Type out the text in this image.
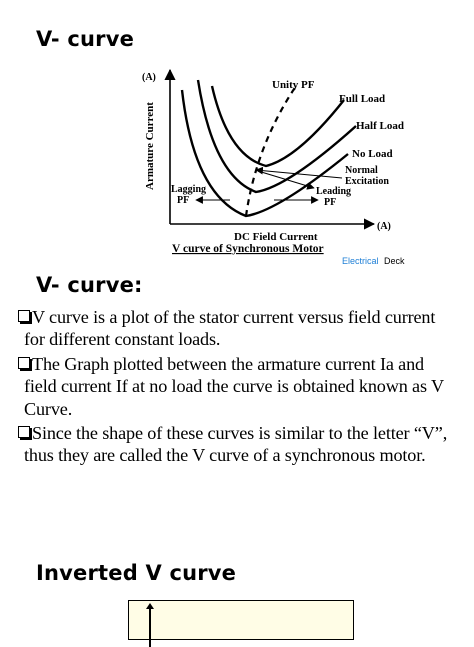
V- curve
(A)
Armature Current
(A)
DC Field Current
V curve of Synchronous Motor
Unity PF
Full Load
Half Load
No Load
Normal
Excitation
Lagging
PF
Leading
PF
Electrical Deck
V- curve:
V curve is a plot of the stator current versus field current for different constant loads.
The Graph plotted between the armature current Ia and field current If at no load the curve is obtained known as V Curve.
Since the shape of these curves is similar to the letter “V”, thus they are called the V curve of a synchronous motor.
Inverted V curve
